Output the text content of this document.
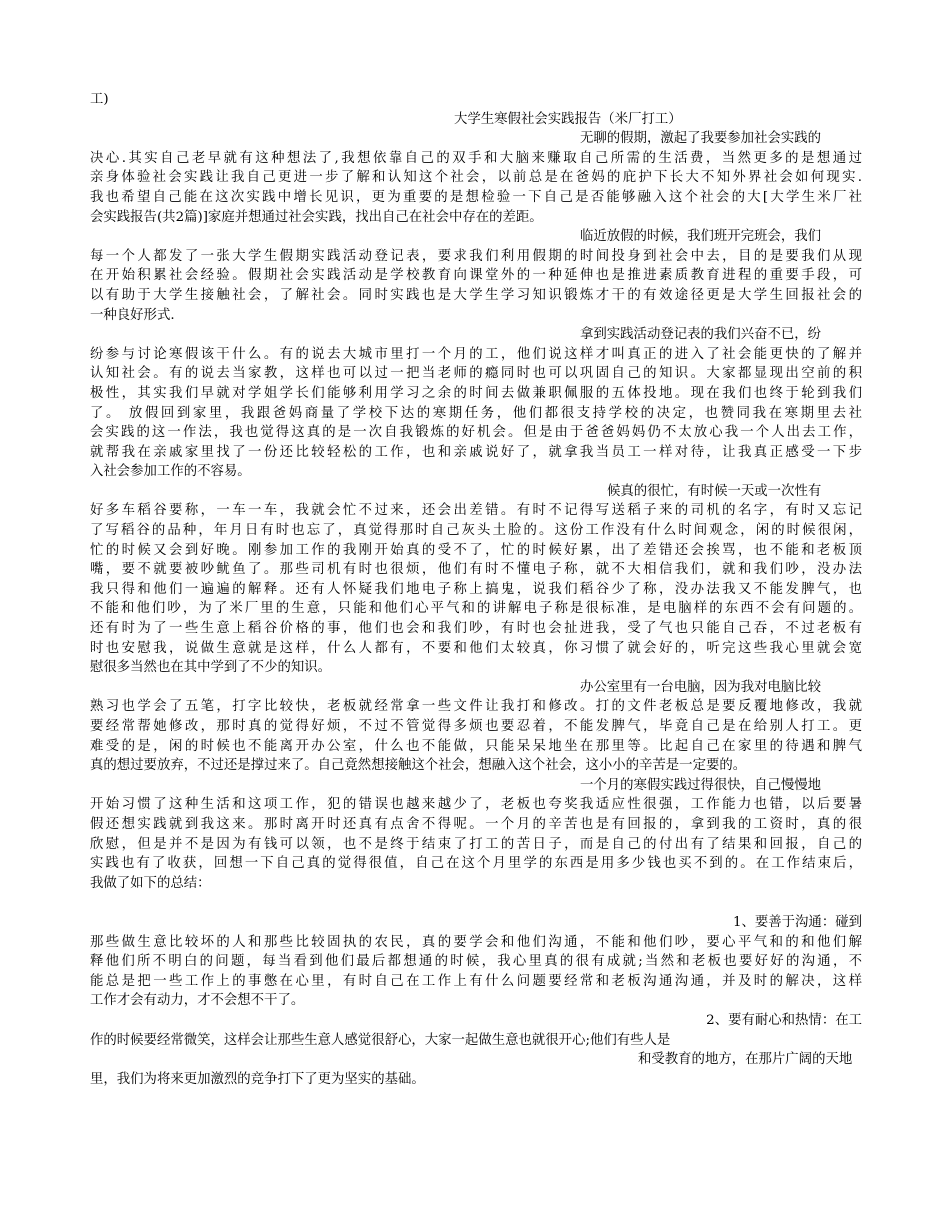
工)
大学生寒假社会实践报告（米厂打工）
无聊的假期，激起了我要参加社会实践的
决心.其实自己老早就有这种想法了,我想依靠自己的双手和大脑来赚取自己所需的生活费，当然更多的是想通过
亲身体验社会实践让我自己更进一步了解和认知这个社会，以前总是在爸妈的庇护下长大不知外界社会如何现实.
我也希望自己能在这次实践中增长见识，更为重要的是想检验一下自己是否能够融入这个社会的大[大学生米厂社
会实践报告(共2篇)]家庭并想通过社会实践，找出自己在社会中存在的差距。
临近放假的时候，我们班开完班会，我们
每一个人都发了一张大学生假期实践活动登记表，要求我们利用假期的时间投身到社会中去，目的是要我们从现
在开始积累社会经验。假期社会实践活动是学校教育向课堂外的一种延伸也是推进素质教育进程的重要手段，可
以有助于大学生接触社会，了解社会。同时实践也是大学生学习知识锻炼才干的有效途径更是大学生回报社会的
一种良好形式.
拿到实践活动登记表的我们兴奋不已，纷
纷参与讨论寒假该干什么。有的说去大城市里打一个月的工，他们说这样才叫真正的进入了社会能更快的了解并
认知社会。有的说去当家教，这样也可以过一把当老师的瘾同时也可以巩固自己的知识。大家都显现出空前的积
极性，其实我们早就对学姐学长们能够利用学习之余的时间去做兼职佩服的五体投地。现在我们也终于轮到我们
了。 放假回到家里，我跟爸妈商量了学校下达的寒期任务，他们都很支持学校的决定，也赞同我在寒期里去社
会实践的这一作法，我也觉得这真的是一次自我锻炼的好机会。但是由于爸爸妈妈仍不太放心我一个人出去工作，
就帮我在亲戚家里找了一份还比较轻松的工作，也和亲戚说好了，就拿我当员工一样对待，让我真正感受一下步
入社会参加工作的不容易。
候真的很忙，有时候一天或一次性有
好多车稻谷要称，一车一车，我就会忙不过来，还会出差错。有时不记得写送稻子来的司机的名字，有时又忘记
了写稻谷的品种，年月日有时也忘了，真觉得那时自己灰头土脸的。这份工作没有什么时间观念，闲的时候很闲，
忙的时候又会到好晚。刚参加工作的我刚开始真的受不了，忙的时候好累，出了差错还会挨骂，也不能和老板顶
嘴，要不就要被吵鱿鱼了。那些司机有时也很烦，他们有时不懂电子称，就不大相信我们，就和我们吵，没办法
我只得和他们一遍遍的解释。还有人怀疑我们地电子称上搞鬼，说我们稻谷少了称，没办法我又不能发脾气，也
不能和他们吵，为了米厂里的生意，只能和他们心平气和的讲解电子称是很标准，是电脑样的东西不会有问题的。
还有时为了一些生意上稻谷价格的事，他们也会和我们吵，有时也会扯进我，受了气也只能自己吞，不过老板有
时也安慰我，说做生意就是这样，什么人都有，不要和他们太较真，你习惯了就会好的，听完这些我心里就会宽
慰很多当然也在其中学到了不少的知识。
办公室里有一台电脑，因为我对电脑比较
熟习也学会了五笔，打字比较快，老板就经常拿一些文件让我打和修改。打的文件老板总是要反覆地修改，我就
要经常帮她修改，那时真的觉得好烦，不过不管觉得多烦也要忍着，不能发脾气，毕竟自己是在给别人打工。更
难受的是，闲的时候也不能离开办公室，什么也不能做，只能呆呆地坐在那里等。比起自己在家里的待遇和脾气
真的想过要放弃，不过还是撑过来了。自己竟然想接触这个社会，想融入这个社会，这小小的辛苦是一定要的。
一个月的寒假实践过得很快，自己慢慢地
开始习惯了这种生活和这项工作，犯的错误也越来越少了，老板也夸奖我适应性很强，工作能力也错，以后要暑
假还想实践就到我这来。那时离开时还真有点舍不得呢。一个月的辛苦也是有回报的，拿到我的工资时，真的很
欣慰，但是并不是因为有钱可以领，也不是终于结束了打工的苦日子，而是自己的付出有了结果和回报，自己的
实践也有了收获，回想一下自己真的觉得很值，自己在这个月里学的东西是用多少钱也买不到的。在工作结束后，
我做了如下的总结：
1、要善于沟通：碰到
那些做生意比较坏的人和那些比较固执的农民，真的要学会和他们沟通，不能和他们吵，要心平气和的和他们解
释他们所不明白的问题，每当看到他们最后都想通的时候，我心里真的很有成就;当然和老板也要好好的沟通，不
能总是把一些工作上的事憋在心里，有时自己在工作上有什么问题要经常和老板沟通沟通，并及时的解决，这样
工作才会有动力，才不会想不干了。
2、要有耐心和热情：在工
作的时候要经常微笑，这样会让那些生意人感觉很舒心，大家一起做生意也就很开心;他们有些人是
和受教育的地方，在那片广阔的天地
里，我们为将来更加激烈的竞争打下了更为坚实的基础。
